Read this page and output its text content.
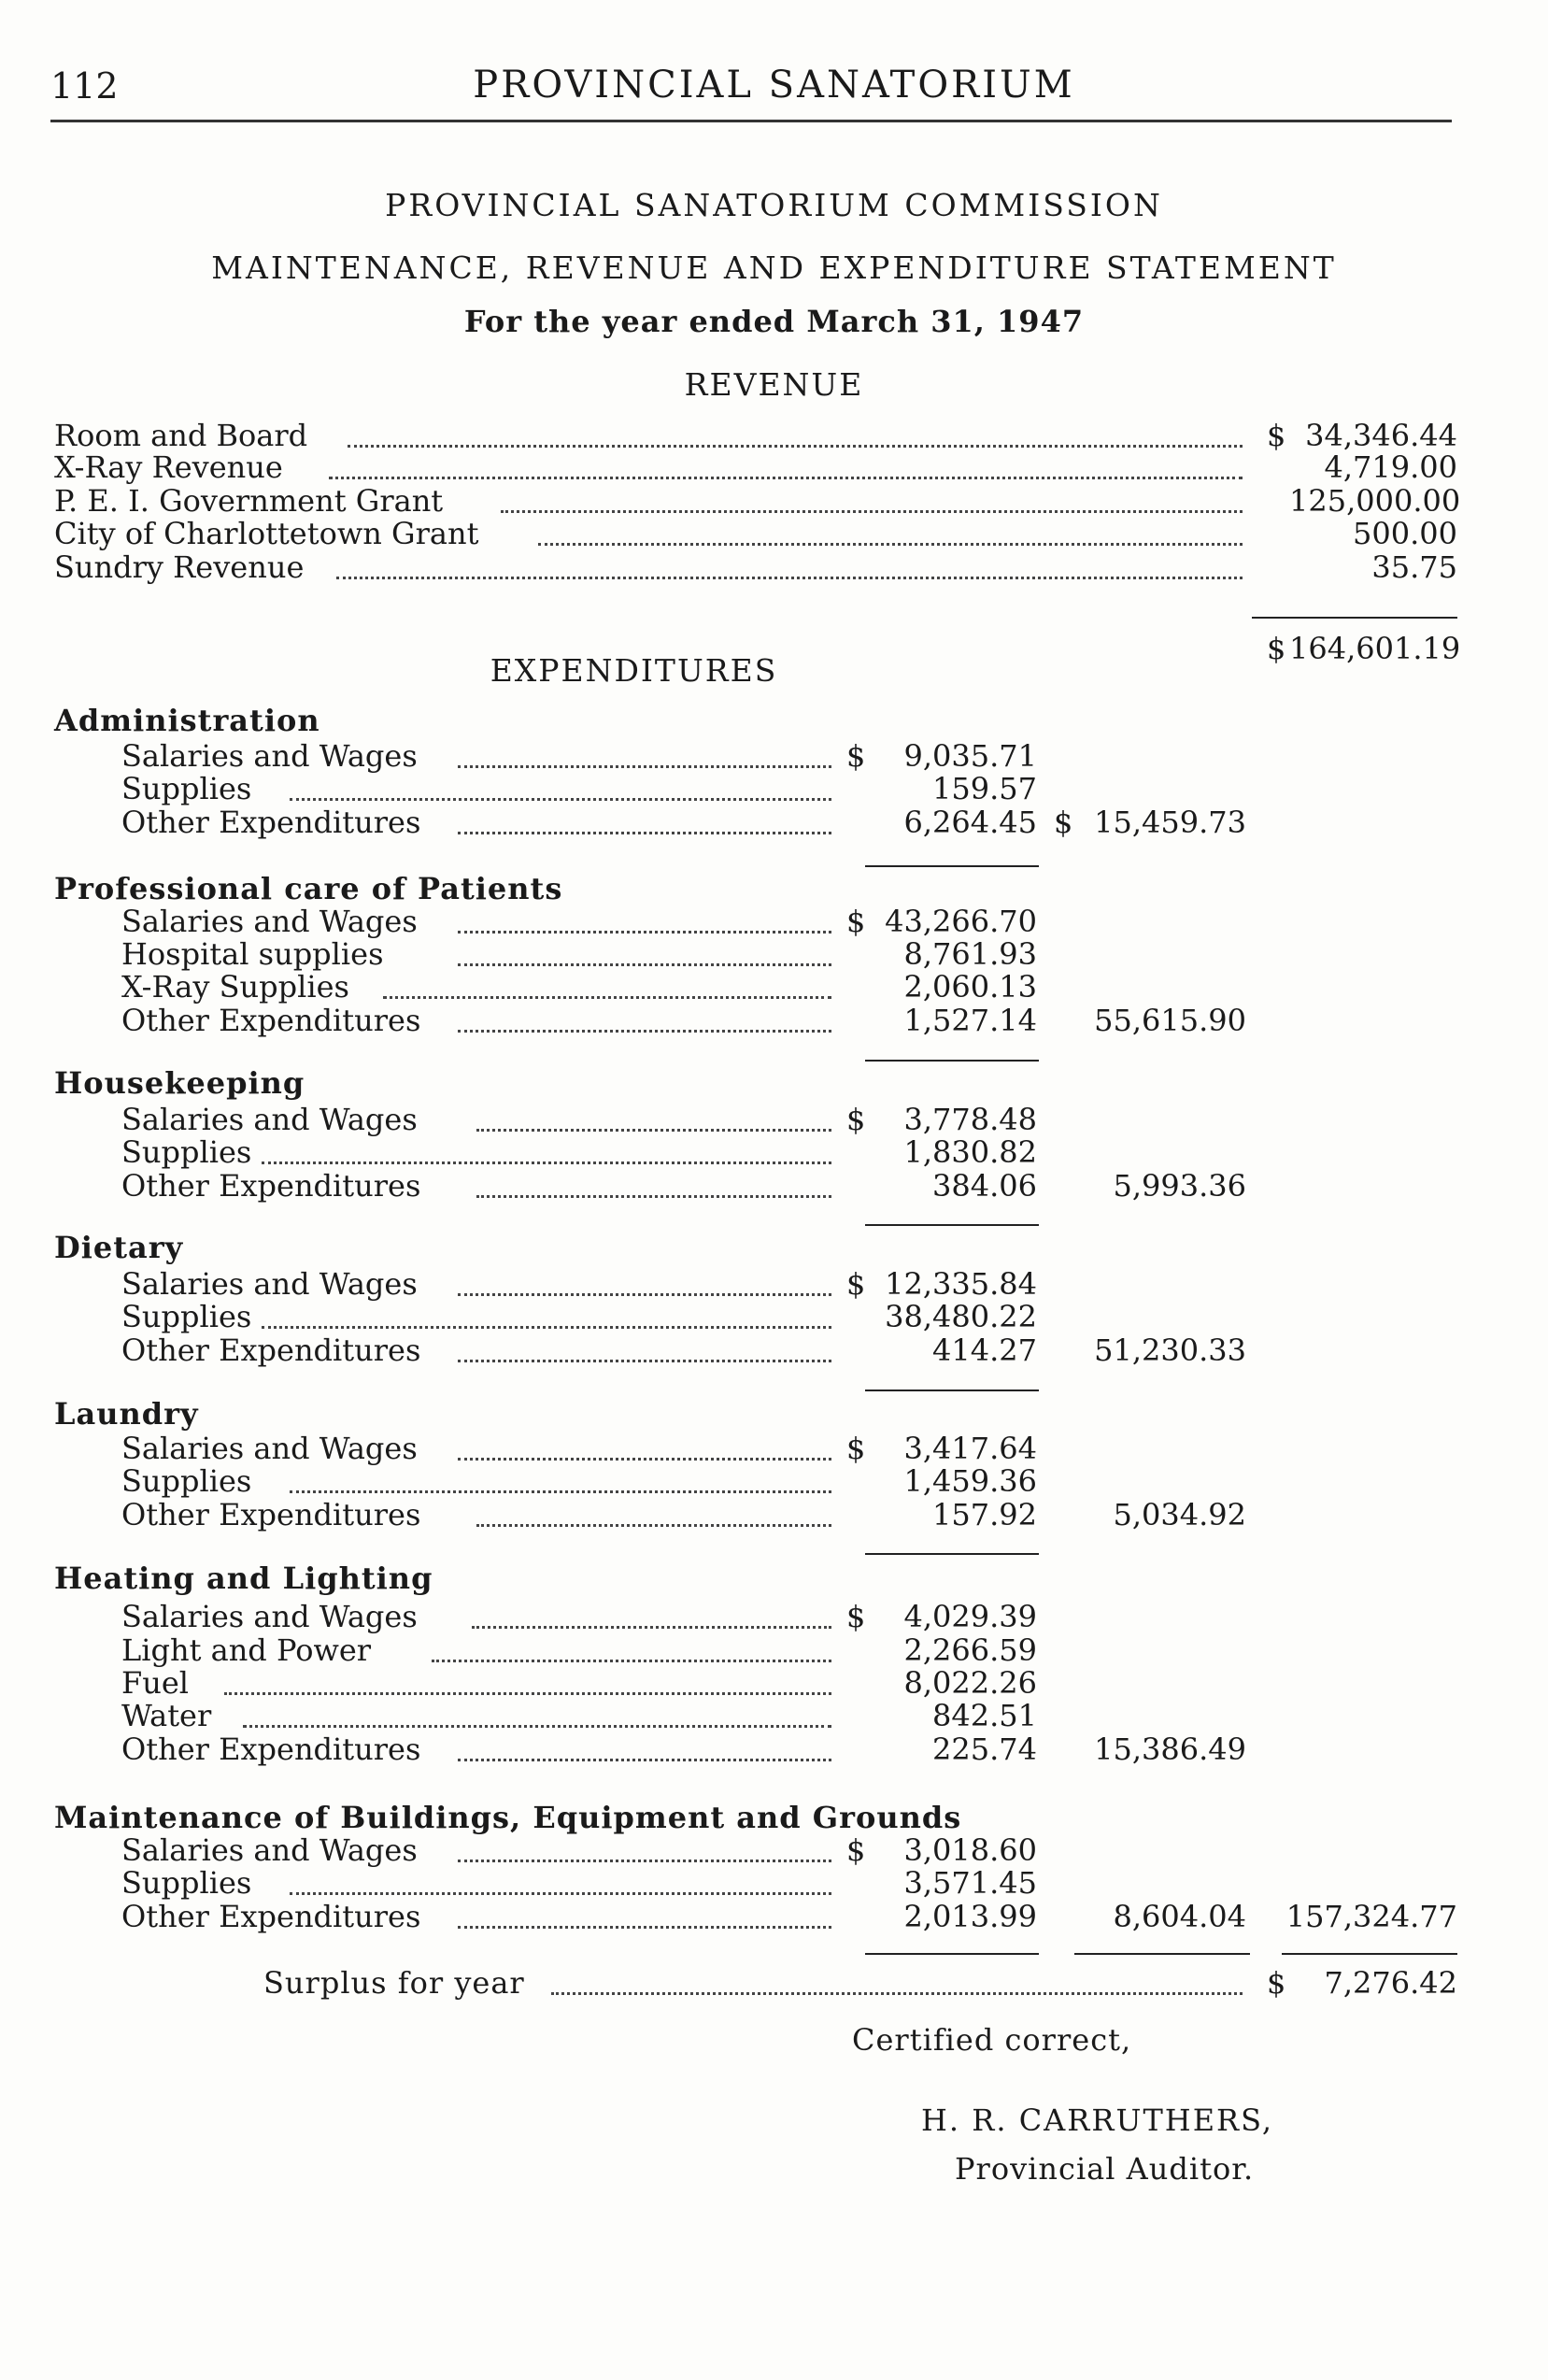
112	PROVINCIAL SANATORIUM
PROVINCIAL SANATORIUM COMMISSION
MAINTENANCE, REVENUE AND EXPENDITURE STATEMENT
For the year ended March 31, 1947
REVENUE
Room and Board	$ 34,346.44
X-Ray Revenue	4,719.00
P. E. I. Government Grant	125,000.00
City of Charlottetown Grant	500.00
Sundry Revenue	35.75
$ 164,601.19
EXPENDITURES
Administration
Salaries and Wages	$	9,035.71
Supplies	159.57
Other Expenditures	6,264.45 $ 15,459.73
Professional care of Patients
Salaries and Wages	$ 43,266.70
Hospital supplies	8,761.93
X-Ray Supplies	2,060.13
Other Expenditures	1,527.14	55,615.90
Housekeeping
Salaries and Wages	$	3,778.48
Supplies	1,830.82
Other Expenditures	384.06	5,993.36
Dietary
Salaries and Wages	$ 12,335.84
Supplies	38,480.22
Other Expenditures	414.27	51,230.33
Laundry
Salaries and Wages	$	3,417.64
Supplies	1,459.36
Other Expenditures	157.92	5,034.92
Heating and Lighting
Salaries and Wages	$	4,029.39
Light and Power	2,266.59
Fuel	8,022.26
Water	842.51
Other Expenditures	225.74	15,386.49
Maintenance of Buildings, Equipment and Grounds
Salaries and Wages	$	3,018.60
Supplies	3,571.45
Other Expenditures	2,013.99	8,604.04 157,324.77
Surplus for year	$	7,276.42
Certified correct,
H. R. CARRUTHERS,
Provincial Auditor.
